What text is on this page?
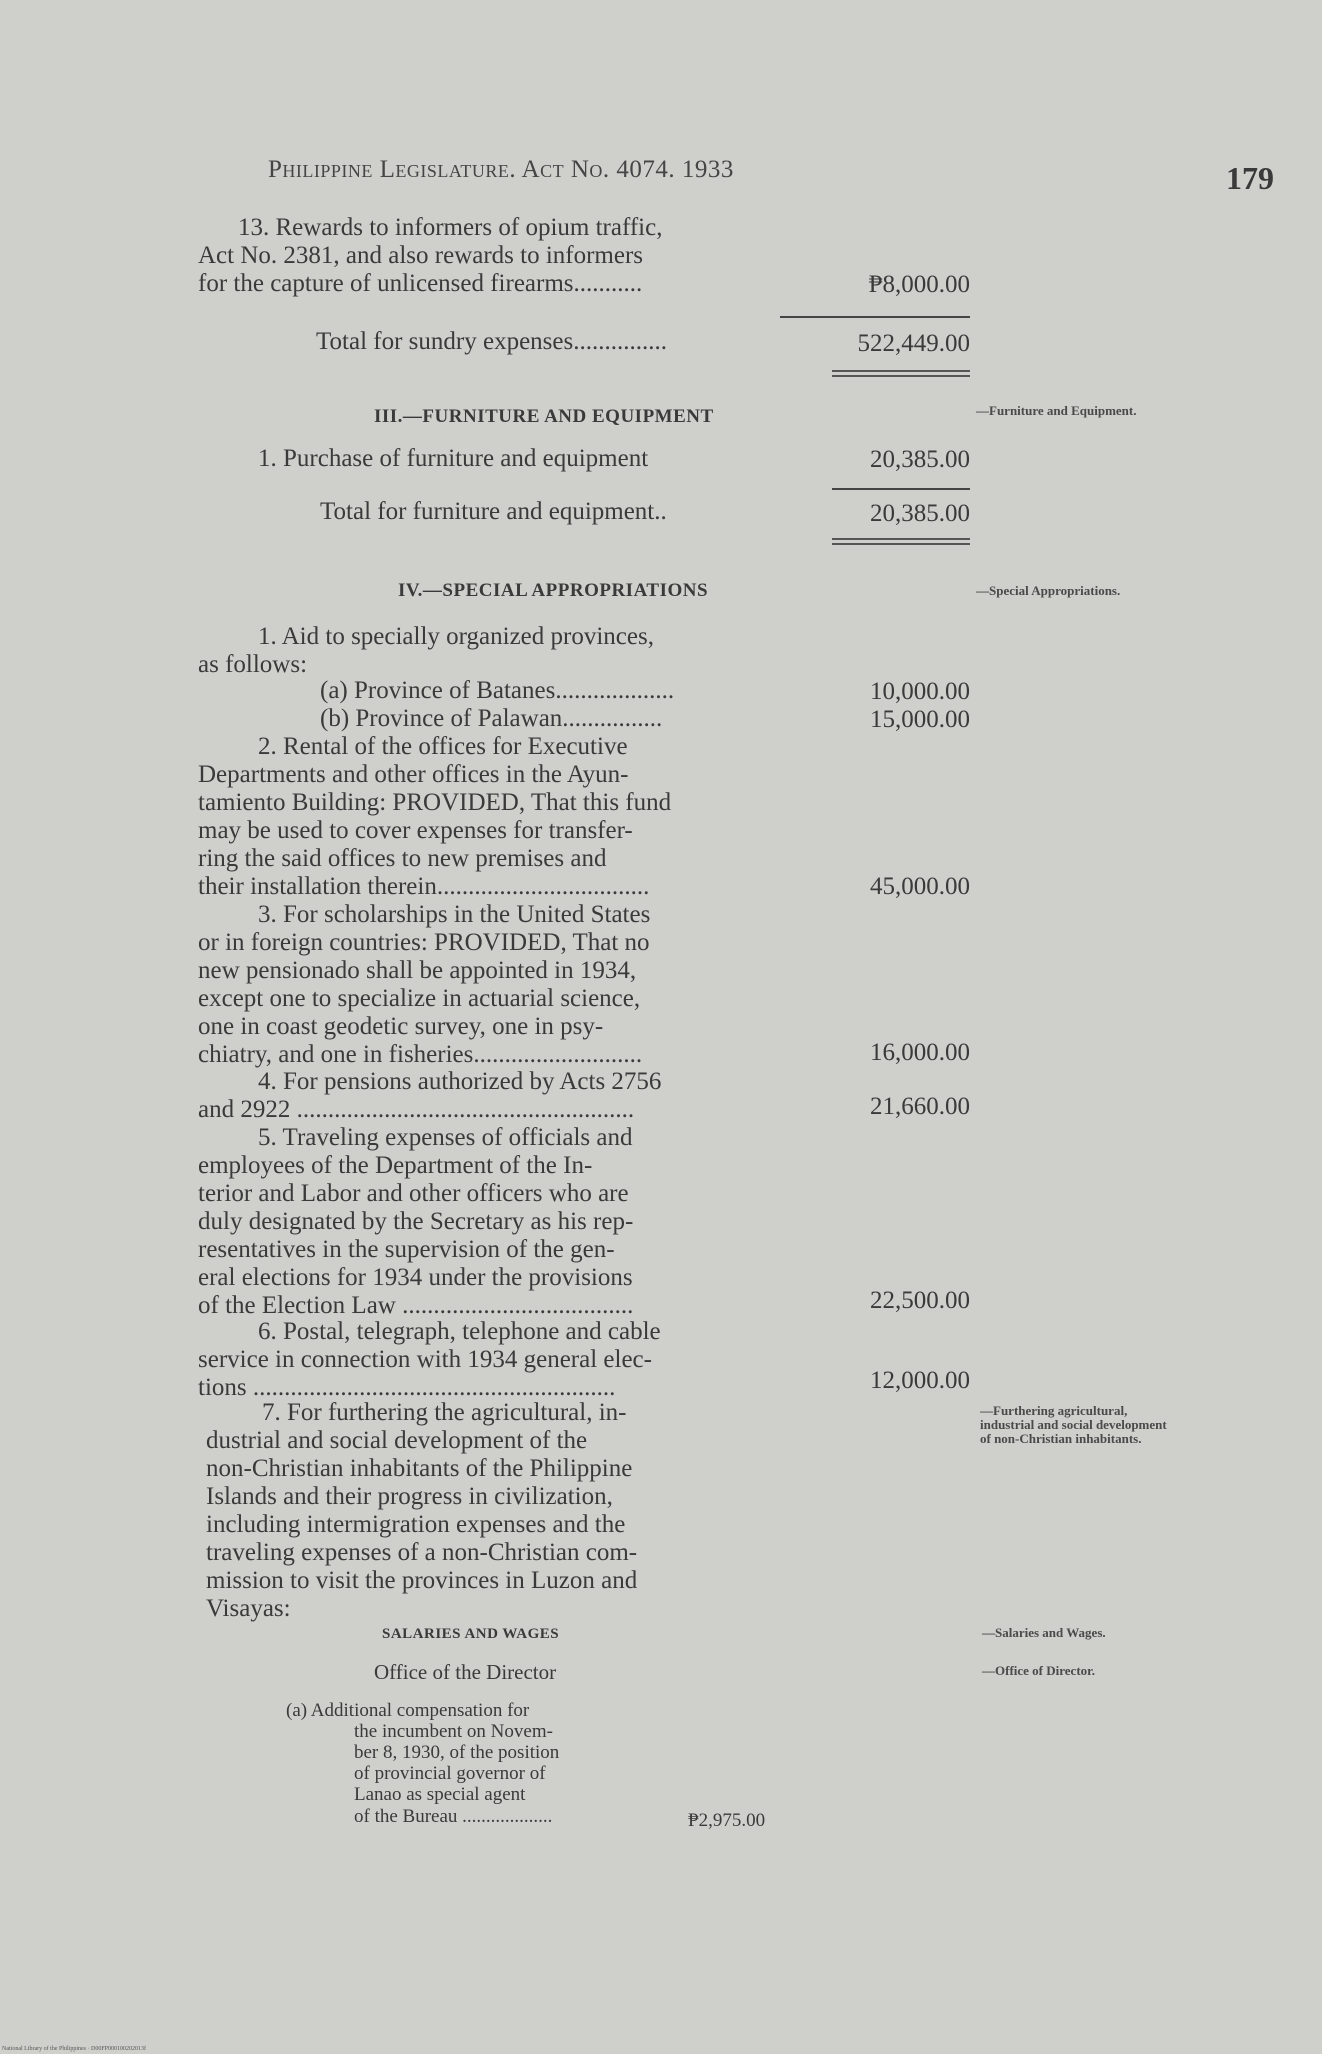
Philippine Legislature. Act No. 4074. 1933	179
13. Rewards to informers of opium traffic,
Act No. 2381, and also rewards to informers
for the capture of unlicensed firearms...........	₱8,000.00
Total for sundry expenses...............	522,449.00
III.—FURNITURE AND EQUIPMENT	—Furniture and Equipment.
1. Purchase of furniture and equipment	20,385.00
Total for furniture and equipment..	20,385.00
IV.—SPECIAL APPROPRIATIONS	—Special Appropriations.
1. Aid to specially organized provinces,
as follows:
(a) Province of Batanes...................	10,000.00
(b) Province of Palawan................	15,000.00
2. Rental of the offices for Executive
Departments and other offices in the Ayun-
tamiento Building: PROVIDED, That this fund
may be used to cover expenses for transfer-
ring the said offices to new premises and
their installation therein..................................	45,000.00
3. For scholarships in the United States
or in foreign countries: PROVIDED, That no
new pensionado shall be appointed in 1934,
except one to specialize in actuarial science,
one in coast geodetic survey, one in psy-
chiatry, and one in fisheries...........................	16,000.00
4. For pensions authorized by Acts 2756
and 2922 ......................................................	21,660.00
5. Traveling expenses of officials and
employees of the Department of the In-
terior and Labor and other officers who are
duly designated by the Secretary as his rep-
resentatives in the supervision of the gen-
eral elections for 1934 under the provisions
of the Election Law .....................................	22,500.00
6. Postal, telegraph, telephone and cable
service in connection with 1934 general elec-
tions ..........................................................	12,000.00
7. For furthering the agricultural, in-
dustrial and social development of the
non-Christian inhabitants of the Philippine
Islands and their progress in civilization,
including intermigration expenses and the
traveling expenses of a non-Christian com-
mission to visit the provinces in Luzon and
Visayas:
—Furthering agricultural, industrial and social development of non-Christian inhabitants.
SALARIES AND WAGES	—Salaries and Wages.
Office of the Director	—Office of Director.
(a) Additional compensation for
the incumbent on Novem-
ber 8, 1930, of the position
of provincial governor of
Lanao as special agent
of the Bureau ...................	₱2,975.00
National Library of the Philippines · D00FP000100202013f
